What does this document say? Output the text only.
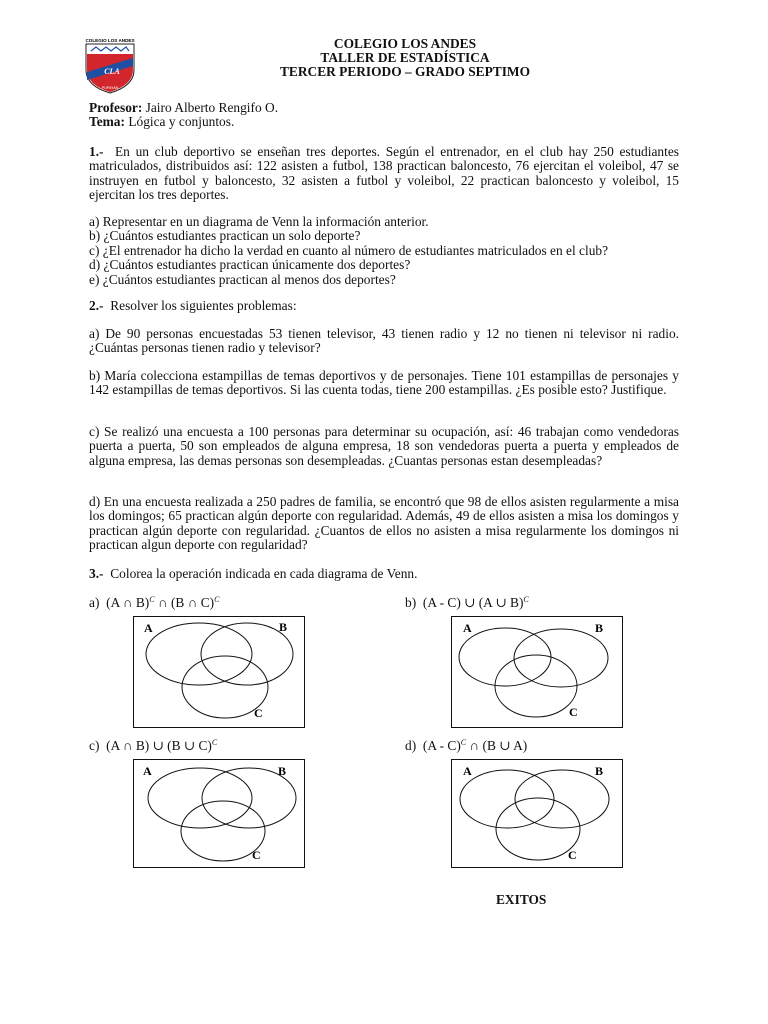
COLEGIO LOS ANDES
CLA
POPAYAN
COLEGIO LOS ANDES
TALLER DE ESTADÍSTICA
TERCER PERIODO – GRADO SEPTIMO
Profesor: Jairo Alberto Rengifo O.
Tema: Lógica y conjuntos.
1.- En un club deportivo se enseñan tres deportes. Según el entrenador, en el club hay 250 estudiantes matriculados, distribuidos así: 122 asisten a futbol, 138 practican baloncesto, 76 ejercitan el voleibol, 47 se instruyen en futbol y baloncesto, 32 asisten a futbol y voleibol, 22 practican baloncesto y voleibol, 15 ejercitan los tres deportes.
a) Representar en un diagrama de Venn la información anterior.
b) ¿Cuántos estudiantes practican un solo deporte?
c) ¿El entrenador ha dicho la verdad en cuanto al número de estudiantes matriculados en el club?
d) ¿Cuántos estudiantes practican únicamente dos deportes?
e) ¿Cuántos estudiantes practican al menos dos deportes?
2.- Resolver los siguientes problemas:
a) De 90 personas encuestadas 53 tienen televisor, 43 tienen radio y 12 no tienen ni televisor ni radio. ¿Cuántas personas tienen radio y televisor?
b) María colecciona estampillas de temas deportivos y de personajes. Tiene 101 estampillas de personajes y 142 estampillas de temas deportivos. Si las cuenta todas, tiene 200 estampillas. ¿Es posible esto? Justifique.
c) Se realizó una encuesta a 100 personas para determinar su ocupación, así: 46 trabajan como vendedoras puerta a puerta, 50 son empleados de alguna empresa, 18 son vendedoras puerta a puerta y empleados de alguna empresa, las demas personas son desempleadas. ¿Cuantas personas estan desempleadas?
d) En una encuesta realizada a 250 padres de familia, se encontró que 98 de ellos asisten regularmente a misa los domingos; 65 practican algún deporte con regularidad. Además, 49 de ellos asisten a misa los domingos y practican algún deporte con regularidad. ¿Cuantos de ellos no asisten a misa regularmente los domingos ni practican algun deporte con regularidad?
3.- Colorea la operación indicada en cada diagrama de Venn.
a) (A ∩ B)$^C$ ∩ (B ∩ C)$^C$	b) (A - C) ∪ (A ∪ B)$^C$
c) (A ∩ B) ∪ (B ∪ C)$^C$	d) (A - C)$^C$ ∩ (B ∪ A)
A	B
C
A	B
C
A	B
C
A	B
C
EXITOS
